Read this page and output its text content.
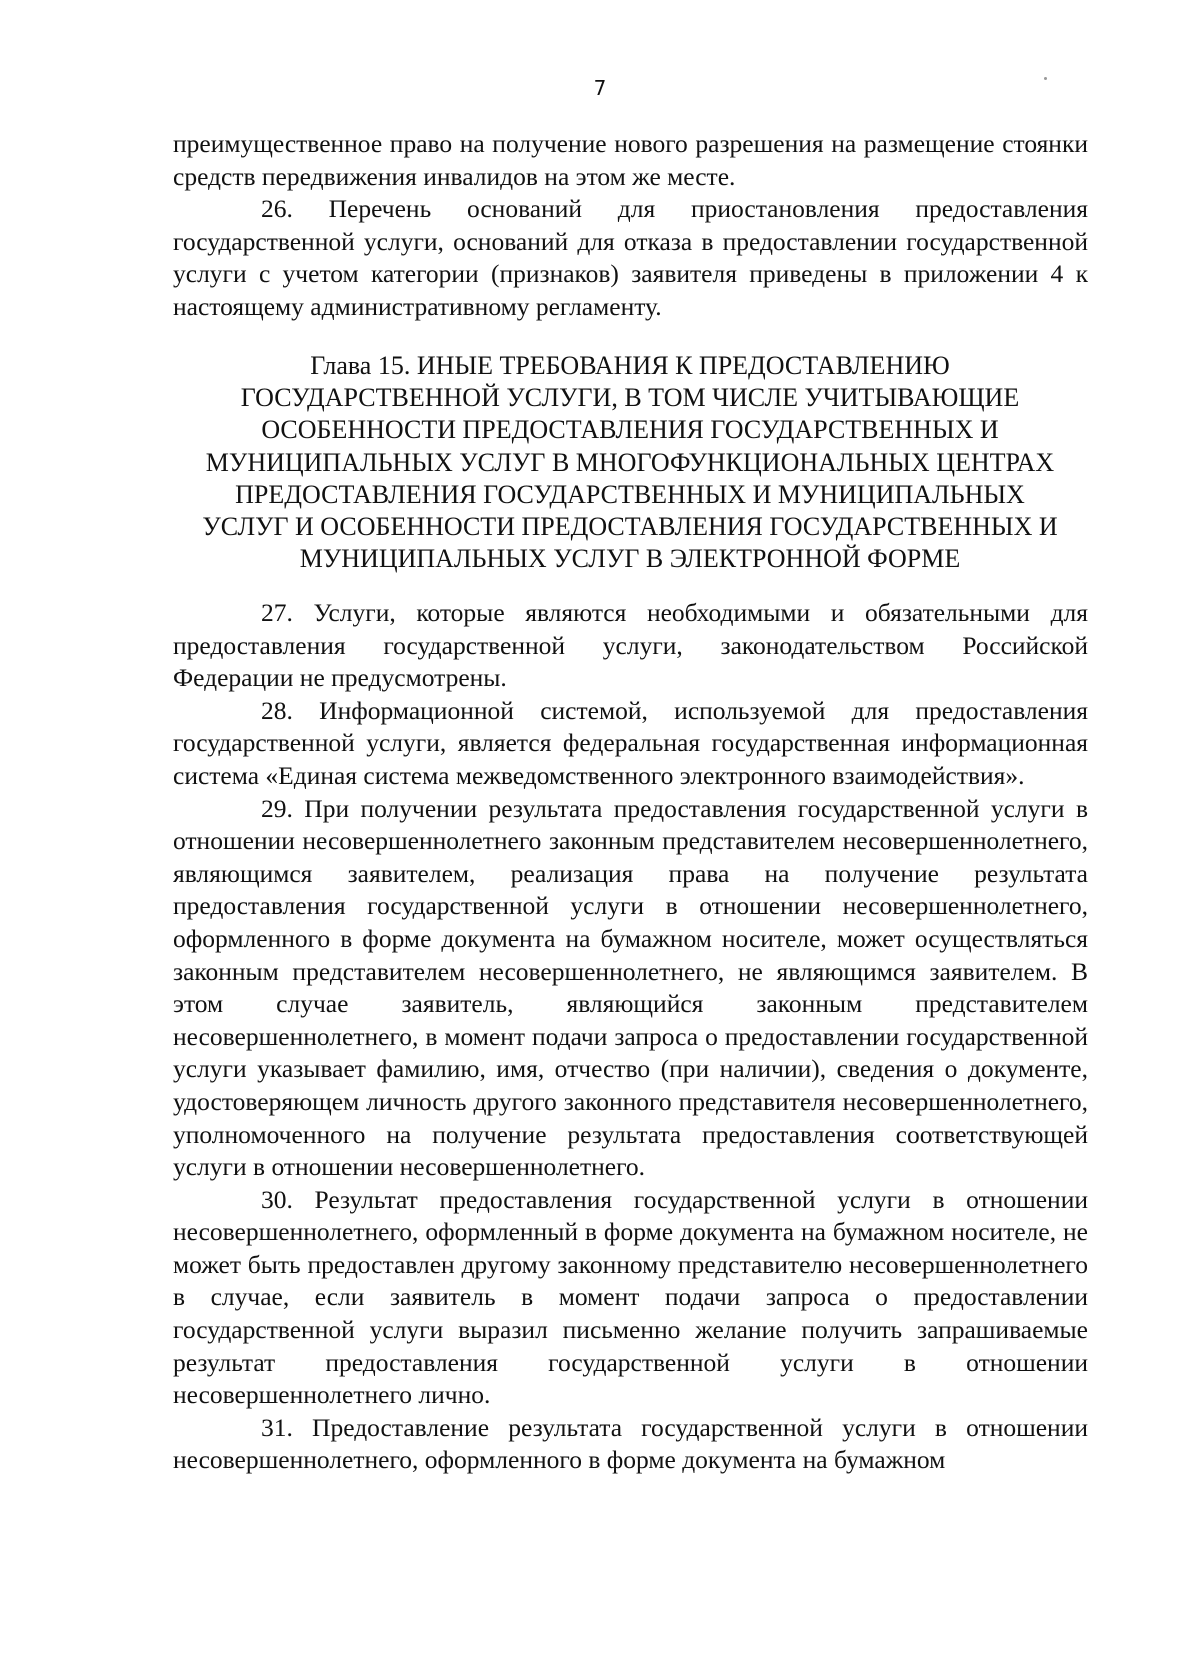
7

преимущественное право на получение нового разрешения на размещение стоянки средств передвижения инвалидов на этом же месте.

26. Перечень оснований для приостановления предоставления государственной услуги, оснований для отказа в предоставлении государственной услуги с учетом категории (признаков) заявителя приведены в приложении 4 к настоящему административному регламенту.

Глава 15. ИНЫЕ ТРЕБОВАНИЯ К ПРЕДОСТАВЛЕНИЮ
ГОСУДАРСТВЕННОЙ УСЛУГИ, В ТОМ ЧИСЛЕ УЧИТЫВАЮЩИЕ
ОСОБЕННОСТИ ПРЕДОСТАВЛЕНИЯ ГОСУДАРСТВЕННЫХ И
МУНИЦИПАЛЬНЫХ УСЛУГ В МНОГОФУНКЦИОНАЛЬНЫХ ЦЕНТРАХ
ПРЕДОСТАВЛЕНИЯ ГОСУДАРСТВЕННЫХ И МУНИЦИПАЛЬНЫХ
УСЛУГ И ОСОБЕННОСТИ ПРЕДОСТАВЛЕНИЯ ГОСУДАРСТВЕННЫХ И
МУНИЦИПАЛЬНЫХ УСЛУГ В ЭЛЕКТРОННОЙ ФОРМЕ

27. Услуги, которые являются необходимыми и обязательными для предоставления государственной услуги, законодательством Российской Федерации не предусмотрены.

28. Информационной системой, используемой для предоставления государственной услуги, является федеральная государственная информационная система «Единая система межведомственного электронного взаимодействия».

29. При получении результата предоставления государственной услуги в отношении несовершеннолетнего законным представителем несовершеннолетнего, являющимся заявителем, реализация права на получение результата предоставления государственной услуги в отношении несовершеннолетнего, оформленного в форме документа на бумажном носителе, может осуществляться законным представителем несовершеннолетнего, не являющимся заявителем. В этом случае заявитель, являющийся законным представителем несовершеннолетнего, в момент подачи запроса о предоставлении государственной услуги указывает фамилию, имя, отчество (при наличии), сведения о документе, удостоверяющем личность другого законного представителя несовершеннолетнего, уполномоченного на получение результата предоставления соответствующей услуги в отношении несовершеннолетнего.

30. Результат предоставления государственной услуги в отношении несовершеннолетнего, оформленный в форме документа на бумажном носителе, не может быть предоставлен другому законному представителю несовершеннолетнего в случае, если заявитель в момент подачи запроса о предоставлении государственной услуги выразил письменно желание получить запрашиваемые результат предоставления государственной услуги в отношении несовершеннолетнего лично.

31. Предоставление результата государственной услуги в отношении несовершеннолетнего, оформленного в форме документа на бумажном
